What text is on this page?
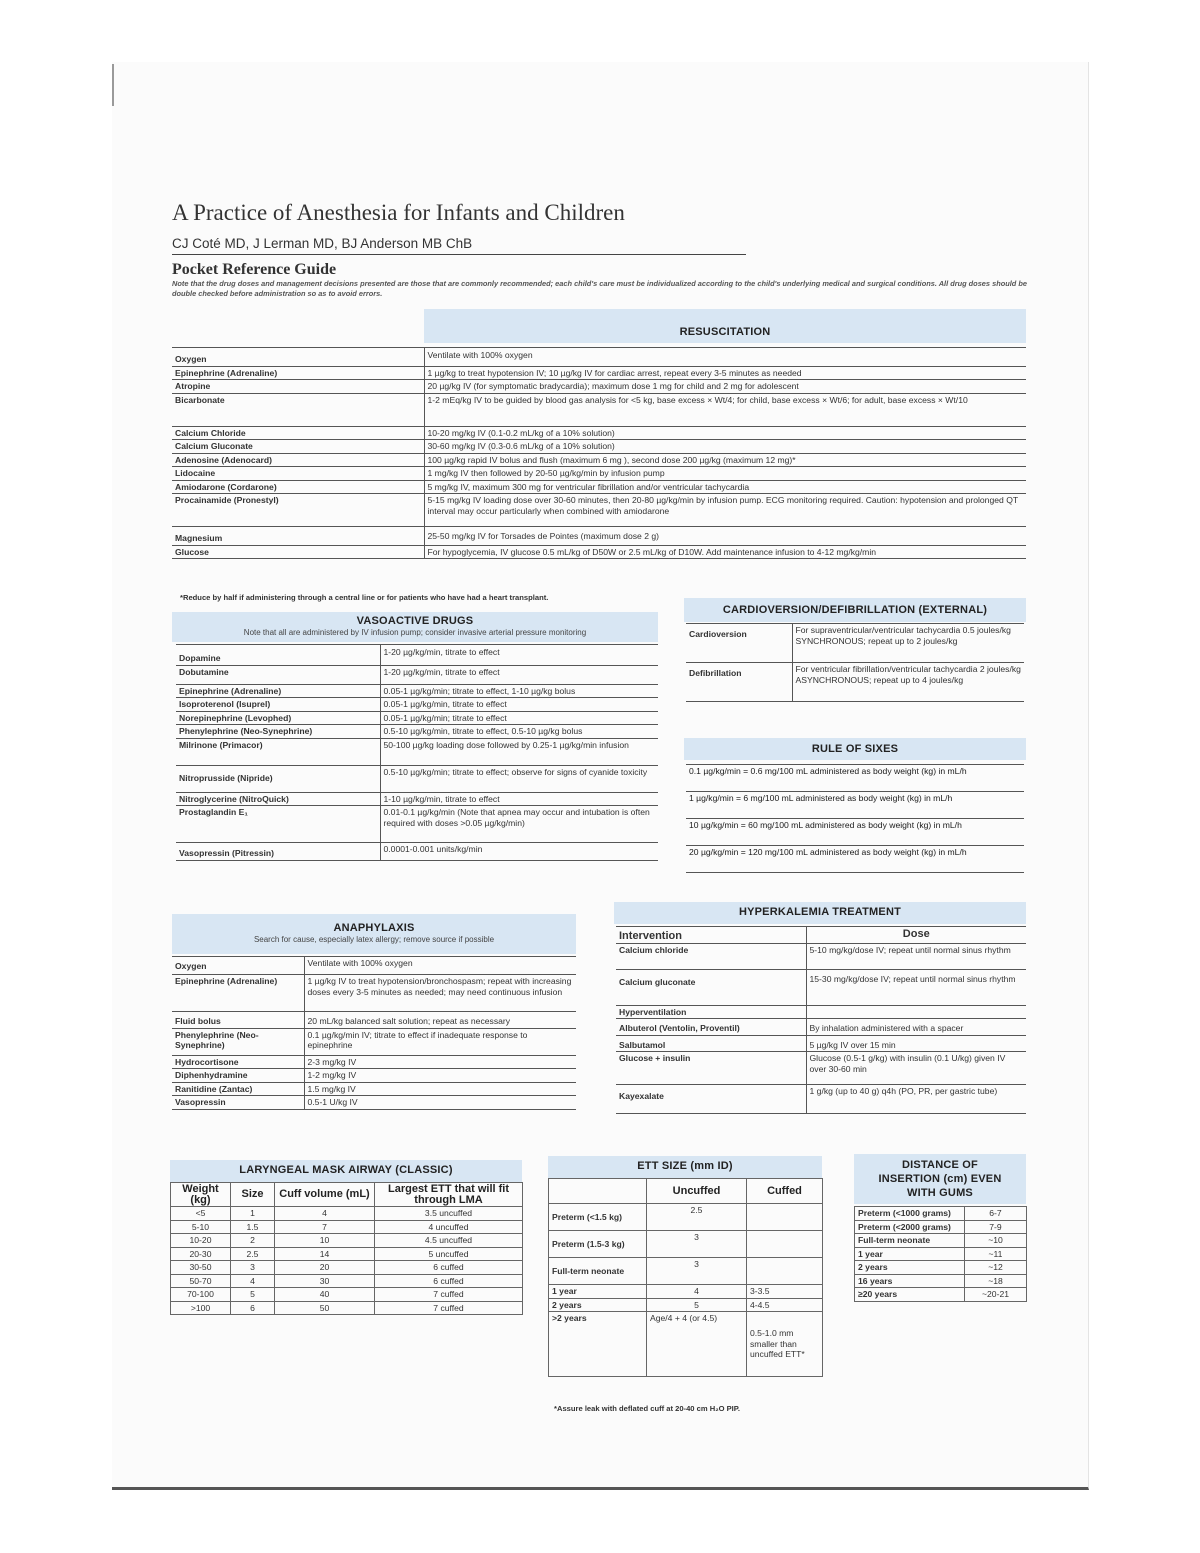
A Practice of Anesthesia for Infants and Children
CJ Coté MD, J Lerman MD, BJ Anderson MB ChB
Pocket Reference Guide
Note that the drug doses and management decisions presented are those that are commonly recommended; each child's care must be individualized according to the child's underlying medical and surgical conditions. All drug doses should be double checked before administration so as to avoid errors.
RESUSCITATION
Oxygen	Ventilate with 100% oxygen
Epinephrine (Adrenaline)	1 µg/kg to treat hypotension IV; 10 µg/kg IV for cardiac arrest, repeat every 3-5 minutes as needed
Atropine	20 µg/kg IV (for symptomatic bradycardia); maximum dose 1 mg for child and 2 mg for adolescent
Bicarbonate	1-2 mEq/kg IV to be guided by blood gas analysis for <5 kg, base excess × Wt/4; for child, base excess × Wt/6; for adult, base excess × Wt/10
Calcium Chloride	10-20 mg/kg IV (0.1-0.2 mL/kg of a 10% solution)
Calcium Gluconate	30-60 mg/kg IV (0.3-0.6 mL/kg of a 10% solution)
Adenosine (Adenocard)	100 µg/kg rapid IV bolus and flush (maximum 6 mg ), second dose 200 µg/kg (maximum 12 mg)*
Lidocaine	1 mg/kg IV then followed by 20-50 µg/kg/min by infusion pump
Amiodarone (Cordarone)	5 mg/kg IV, maximum 300 mg for ventricular fibrillation and/or ventricular tachycardia
Procainamide (Pronestyl)	5-15 mg/kg IV loading dose over 30-60 minutes, then 20-80 µg/kg/min by infusion pump. ECG monitoring required. Caution: hypotension and prolonged QT interval may occur particularly when combined with amiodarone
Magnesium	25-50 mg/kg IV for Torsades de Pointes (maximum dose 2 g)
Glucose	For hypoglycemia, IV glucose 0.5 mL/kg of D50W or 2.5 mL/kg of D10W. Add maintenance infusion to 4-12 mg/kg/min
*Reduce by half if administering through a central line or for patients who have had a heart transplant.
VASOACTIVE DRUGS
Note that all are administered by IV infusion pump; consider invasive arterial pressure monitoring
Dopamine	1-20 µg/kg/min, titrate to effect
Dobutamine	1-20 µg/kg/min, titrate to effect
Epinephrine (Adrenaline)	0.05-1 µg/kg/min; titrate to effect, 1-10 µg/kg bolus
Isoproterenol (Isuprel)	0.05-1 µg/kg/min, titrate to effect
Norepinephrine (Levophed)	0.05-1 µg/kg/min; titrate to effect
Phenylephrine (Neo-Synephrine)	0.5-10 µg/kg/min, titrate to effect, 0.5-10 µg/kg bolus
Milrinone (Primacor)	50-100 µg/kg loading dose followed by 0.25-1 µg/kg/min infusion
Nitroprusside (Nipride)	0.5-10 µg/kg/min; titrate to effect; observe for signs of cyanide toxicity
Nitroglycerine (NitroQuick)	1-10 µg/kg/min, titrate to effect
Prostaglandin E₁	0.01-0.1 µg/kg/min (Note that apnea may occur and intubation is often required with doses >0.05 µg/kg/min)
Vasopressin (Pitressin)	0.0001-0.001 units/kg/min
CARDIOVERSION/DEFIBRILLATION (EXTERNAL)
Cardioversion	For supraventricular/ventricular tachycardia 0.5 joules/kg SYNCHRONOUS; repeat up to 2 joules/kg
Defibrillation	For ventricular fibrillation/ventricular tachycardia 2 joules/kg ASYNCHRONOUS; repeat up to 4 joules/kg
RULE OF SIXES
0.1 µg/kg/min = 0.6 mg/100 mL administered as body weight (kg) in mL/h
1 µg/kg/min = 6 mg/100 mL administered as body weight (kg) in mL/h
10 µg/kg/min = 60 mg/100 mL administered as body weight (kg) in mL/h
20 µg/kg/min = 120 mg/100 mL administered as body weight (kg) in mL/h
ANAPHYLAXIS
Search for cause, especially latex allergy; remove source if possible
Oxygen	Ventilate with 100% oxygen
Epinephrine (Adrenaline)	1 µg/kg IV to treat hypotension/bronchospasm; repeat with increasing doses every 3-5 minutes as needed; may need continuous infusion
Fluid bolus	20 mL/kg balanced salt solution; repeat as necessary
Phenylephrine (Neo-Synephrine)	0.1 µg/kg/min IV; titrate to effect if inadequate response to epinephrine
Hydrocortisone	2-3 mg/kg IV
Diphenhydramine	1-2 mg/kg IV
Ranitidine (Zantac)	1.5 mg/kg IV
Vasopressin	0.5-1 U/kg IV
HYPERKALEMIA TREATMENT
Intervention	Dose
Calcium chloride	5-10 mg/kg/dose IV; repeat until normal sinus rhythm
Calcium gluconate	15-30 mg/kg/dose IV; repeat until normal sinus rhythm
Hyperventilation	
Albuterol (Ventolin, Proventil)	By inhalation administered with a spacer
Salbutamol	5 µg/kg IV over 15 min
Glucose + insulin	Glucose (0.5-1 g/kg) with insulin (0.1 U/kg) given IV over 30-60 min
Kayexalate	1 g/kg (up to 40 g) q4h (PO, PR, per gastric tube)
LARYNGEAL MASK AIRWAY (CLASSIC)
Weight (kg)	Size	Cuff volume (mL)	Largest ETT that will fit through LMA
<5	1	4	3.5 uncuffed
5-10	1.5	7	4 uncuffed
10-20	2	10	4.5 uncuffed
20-30	2.5	14	5 uncuffed
30-50	3	20	6 cuffed
50-70	4	30	6 cuffed
70-100	5	40	7 cuffed
>100	6	50	7 cuffed
ETT SIZE (mm ID)
	Uncuffed	Cuffed
Preterm (<1.5 kg)	2.5	
Preterm (1.5-3 kg)	3	
Full-term neonate	3	
1 year	4	3-3.5
2 years	5	4-4.5
>2 years	Age/4 + 4 (or 4.5)	0.5-1.0 mm smaller than uncuffed ETT*
*Assure leak with deflated cuff at 20-40 cm H₂O PIP.
DISTANCE OF INSERTION (cm) EVEN WITH GUMS
Preterm (<1000 grams)	6-7
Preterm (<2000 grams)	7-9
Full-term neonate	~10
1 year	~11
2 years	~12
16 years	~18
≥20 years	~20-21
